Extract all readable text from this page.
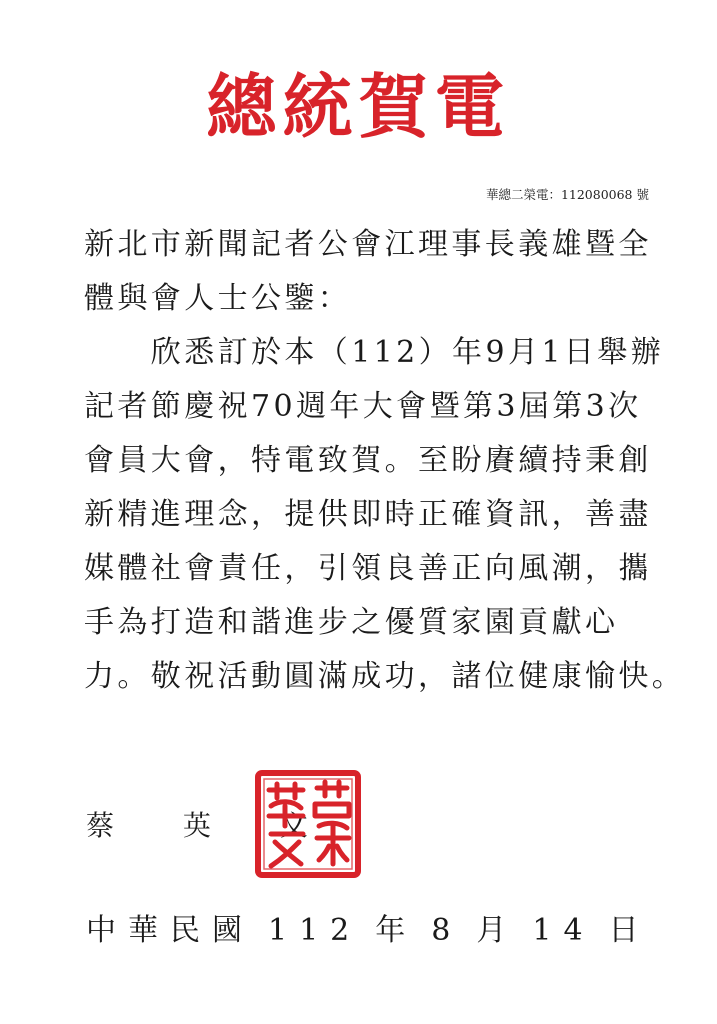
總統賀電
華總二榮電：112080068 號
新北市新聞記者公會江理事長義雄暨全
體與會人士公鑒：
　　欣悉訂於本（112）年9月1日舉辦
記者節慶祝70週年大會暨第3屆第3次
會員大會，特電致賀。至盼賡續持秉創
新精進理念，提供即時正確資訊，善盡
媒體社會責任，引領良善正向風潮，攜
手為打造和諧進步之優質家園貢獻心
力。敬祝活動圓滿成功，諸位健康愉快。
蔡 英 文
中華民國 112 年 8 月 14 日
